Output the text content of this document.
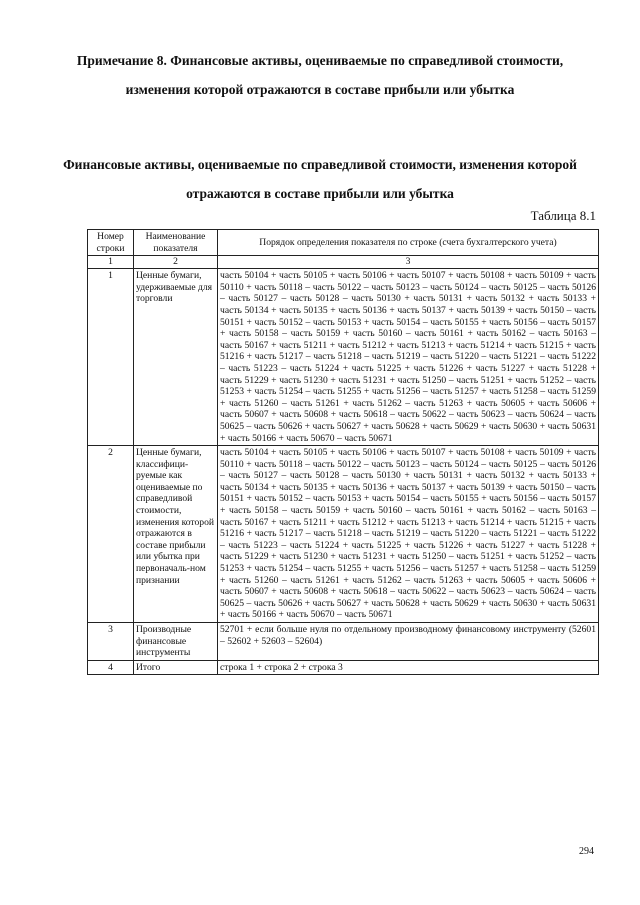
Примечание 8. Финансовые активы, оцениваемые по справедливой стоимости, изменения которой отражаются в составе прибыли или убытка
Финансовые активы, оцениваемые по справедливой стоимости, изменения которой отражаются в составе прибыли или убытка
Таблица 8.1
Номер строки	Наименование показателя	Порядок определения показателя по строке (счета бухгалтерского учета)
1	2	3
1	Ценные бумаги, удерживаемые для торговли	часть 50104 + часть 50105 + часть 50106 + часть 50107 + часть 50108 + часть 50109 + часть 50110 + часть 50118 – часть 50122 – часть 50123 – часть 50124 – часть 50125 – часть 50126 – часть 50127 – часть 50128 – часть 50130 + часть 50131 + часть 50132 + часть 50133 + часть 50134 + часть 50135 + часть 50136 + часть 50137 + часть 50139 + часть 50150 – часть 50151 + часть 50152 – часть 50153 + часть 50154 – часть 50155 + часть 50156 – часть 50157 + часть 50158 – часть 50159 + часть 50160 – часть 50161 + часть 50162 – часть 50163 – часть 50167 + часть 51211 + часть 51212 + часть 51213 + часть 51214 + часть 51215 + часть 51216 + часть 51217 – часть 51218 – часть 51219 – часть 51220 – часть 51221 – часть 51222 – часть 51223 – часть 51224 + часть 51225 + часть 51226 + часть 51227 + часть 51228 + часть 51229 + часть 51230 + часть 51231 + часть 51250 – часть 51251 + часть 51252 – часть 51253 + часть 51254 – часть 51255 + часть 51256 – часть 51257 + часть 51258 – часть 51259 + часть 51260 – часть 51261 + часть 51262 – часть 51263 + часть 50605 + часть 50606 + часть 50607 + часть 50608 + часть 50618 – часть 50622 – часть 50623 – часть 50624 – часть 50625 – часть 50626 + часть 50627 + часть 50628 + часть 50629 + часть 50630 + часть 50631 + часть 50166 + часть 50670 – часть 50671
2	Ценные бумаги, классифици-руемые как оцениваемые по справедливой стоимости, изменения которой отражаются в составе прибыли или убытка при первоначаль-ном признании	часть 50104 + часть 50105 + часть 50106 + часть 50107 + часть 50108 + часть 50109 + часть 50110 + часть 50118 – часть 50122 – часть 50123 – часть 50124 – часть 50125 – часть 50126 – часть 50127 – часть 50128 – часть 50130 + часть 50131 + часть 50132 + часть 50133 + часть 50134 + часть 50135 + часть 50136 + часть 50137 + часть 50139 + часть 50150 – часть 50151 + часть 50152 – часть 50153 + часть 50154 – часть 50155 + часть 50156 – часть 50157 + часть 50158 – часть 50159 + часть 50160 – часть 50161 + часть 50162 – часть 50163 – часть 50167 + часть 51211 + часть 51212 + часть 51213 + часть 51214 + часть 51215 + часть 51216 + часть 51217 – часть 51218 – часть 51219 – часть 51220 – часть 51221 – часть 51222 – часть 51223 – часть 51224 + часть 51225 + часть 51226 + часть 51227 + часть 51228 + часть 51229 + часть 51230 + часть 51231 + часть 51250 – часть 51251 + часть 51252 – часть 51253 + часть 51254 – часть 51255 + часть 51256 – часть 51257 + часть 51258 – часть 51259 + часть 51260 – часть 51261 + часть 51262 – часть 51263 + часть 50605 + часть 50606 + часть 50607 + часть 50608 + часть 50618 – часть 50622 – часть 50623 – часть 50624 – часть 50625 – часть 50626 + часть 50627 + часть 50628 + часть 50629 + часть 50630 + часть 50631 + часть 50166 + часть 50670 – часть 50671
3	Производные финансовые инструменты	52701 + если больше нуля по отдельному производному финансовому инструменту (52601 – 52602 + 52603 – 52604)
4	Итого	строка 1 + строка 2 + строка 3
294
